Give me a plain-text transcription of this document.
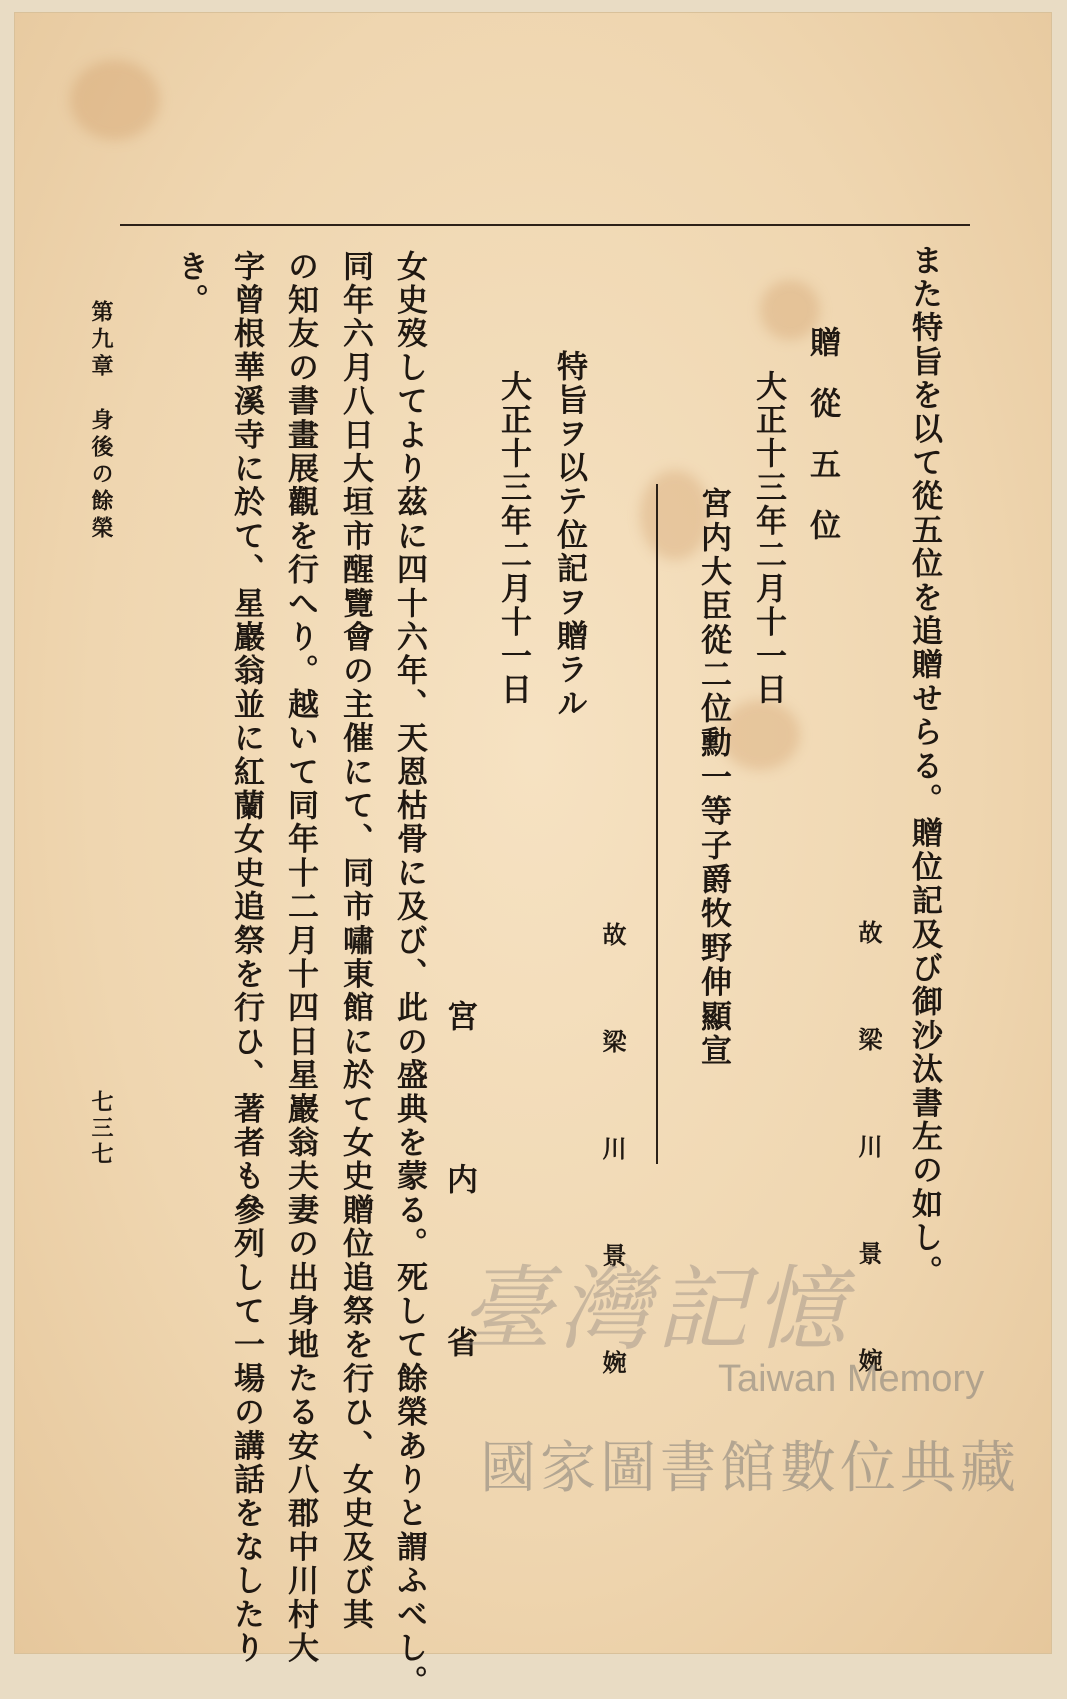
また特旨を以て從五位を追贈せらる。贈位記及び御沙汰書左の如し。
故 梁 川 景 婉
贈從五位
大正十三年二月十一日
宮内大臣從二位勳一等子爵牧野伸顯宣
故 梁 川 景 婉
特旨ヲ以テ位記ヲ贈ラル
大正十三年二月十一日
宮 内 省
女史歿してより茲に四十六年、天恩枯骨に及び、此の盛典を蒙る。死して餘榮ありと謂ふべし。
同年六月八日大垣市醒覽會の主催にて、同市嘯東館に於て女史贈位追祭を行ひ、女史及び其
の知友の書畫展觀を行へり。越いて同年十二月十四日星巖翁夫妻の出身地たる安八郡中川村大
字曾根華溪寺に於て、星巖翁並に紅蘭女史追祭を行ひ、著者も參列して一場の講話をなしたり
き。
第九章　身後の餘榮
七三七
臺灣記憶
Taiwan Memory
國家圖書館數位典藏
